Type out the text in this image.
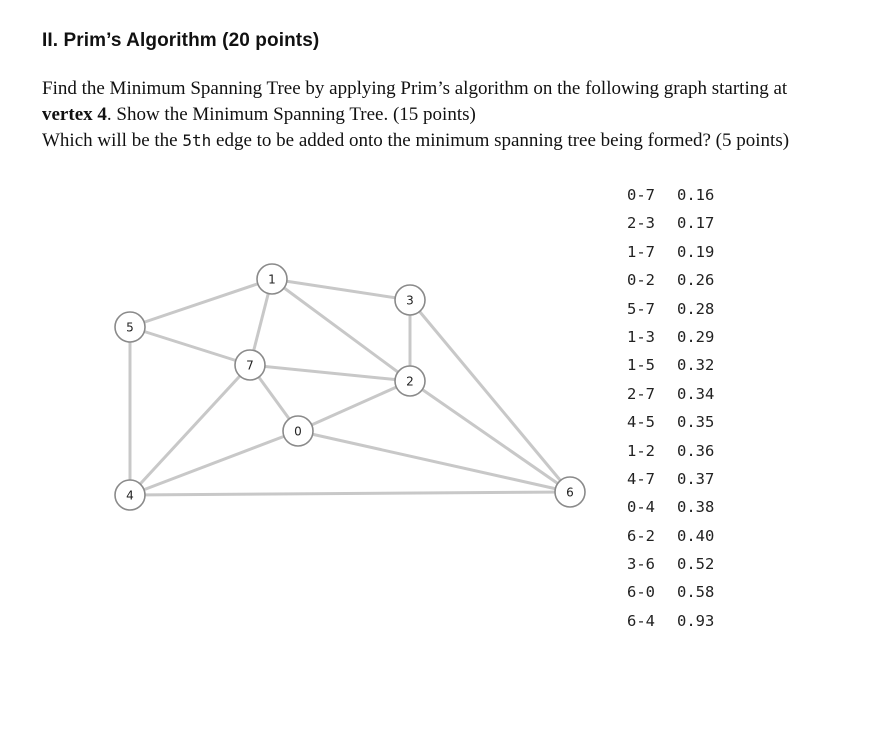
II. Prim’s Algorithm (20 points)

Find the Minimum Spanning Tree by applying Prim’s algorithm on the following graph starting at vertex 4. Show the Minimum Spanning Tree. (15 points)

Which will be the 5th edge to be added onto the minimum spanning tree being formed? (5 points)

1
3
5
7
2
0
4	6
0-7 0.16
2-3 0.17
1-7 0.19
0-2 0.26
5-7 0.28
1-3 0.29
1-5 0.32
2-7 0.34
4-5 0.35
1-2 0.36
4-7 0.37
0-4 0.38
6-2 0.40
3-6 0.52
6-0 0.58
6-4 0.93
